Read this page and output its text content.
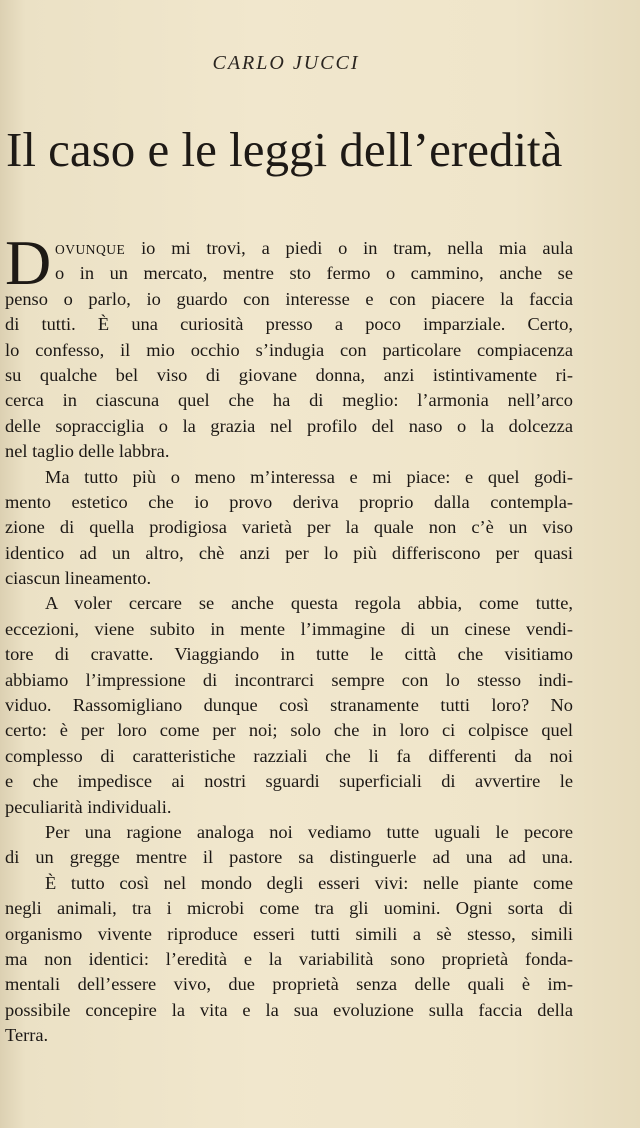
CARLO JUCCI
Il caso e le leggi dell’eredità
D OVUNQUE io mi trovi, a piedi o in tram, nella mia aula
o in un mercato, mentre sto fermo o cammino, anche se
penso o parlo, io guardo con interesse e con piacere la faccia
di tutti. È una curiosità presso a poco imparziale. Certo,
lo confesso, il mio occhio s’indugia con particolare compiacenza
su qualche bel viso di giovane donna, anzi istintivamente ri-
cerca in ciascuna quel che ha di meglio: l’armonia nell’arco
delle sopracciglia o la grazia nel profilo del naso o la dolcezza
nel taglio delle labbra.
Ma tutto più o meno m’interessa e mi piace: e quel godi-
mento estetico che io provo deriva proprio dalla contempla-
zione di quella prodigiosa varietà per la quale non c’è un viso
identico ad un altro, chè anzi per lo più differiscono per quasi
ciascun lineamento.
A voler cercare se anche questa regola abbia, come tutte,
eccezioni, viene subito in mente l’immagine di un cinese vendi-
tore di cravatte. Viaggiando in tutte le città che visitiamo
abbiamo l’impressione di incontrarci sempre con lo stesso indi-
viduo. Rassomigliano dunque così stranamente tutti loro? No
certo: è per loro come per noi; solo che in loro ci colpisce quel
complesso di caratteristiche razziali che li fa differenti da noi
e che impedisce ai nostri sguardi superficiali di avvertire le
peculiarità individuali.
Per una ragione analoga noi vediamo tutte uguali le pecore
di un gregge mentre il pastore sa distinguerle ad una ad una.
È tutto così nel mondo degli esseri vivi: nelle piante come
negli animali, tra i microbi come tra gli uomini. Ogni sorta di
organismo vivente riproduce esseri tutti simili a sè stesso, simili
ma non identici: l’eredità e la variabilità sono proprietà fonda-
mentali dell’essere vivo, due proprietà senza delle quali è im-
possibile concepire la vita e la sua evoluzione sulla faccia della
Terra.
